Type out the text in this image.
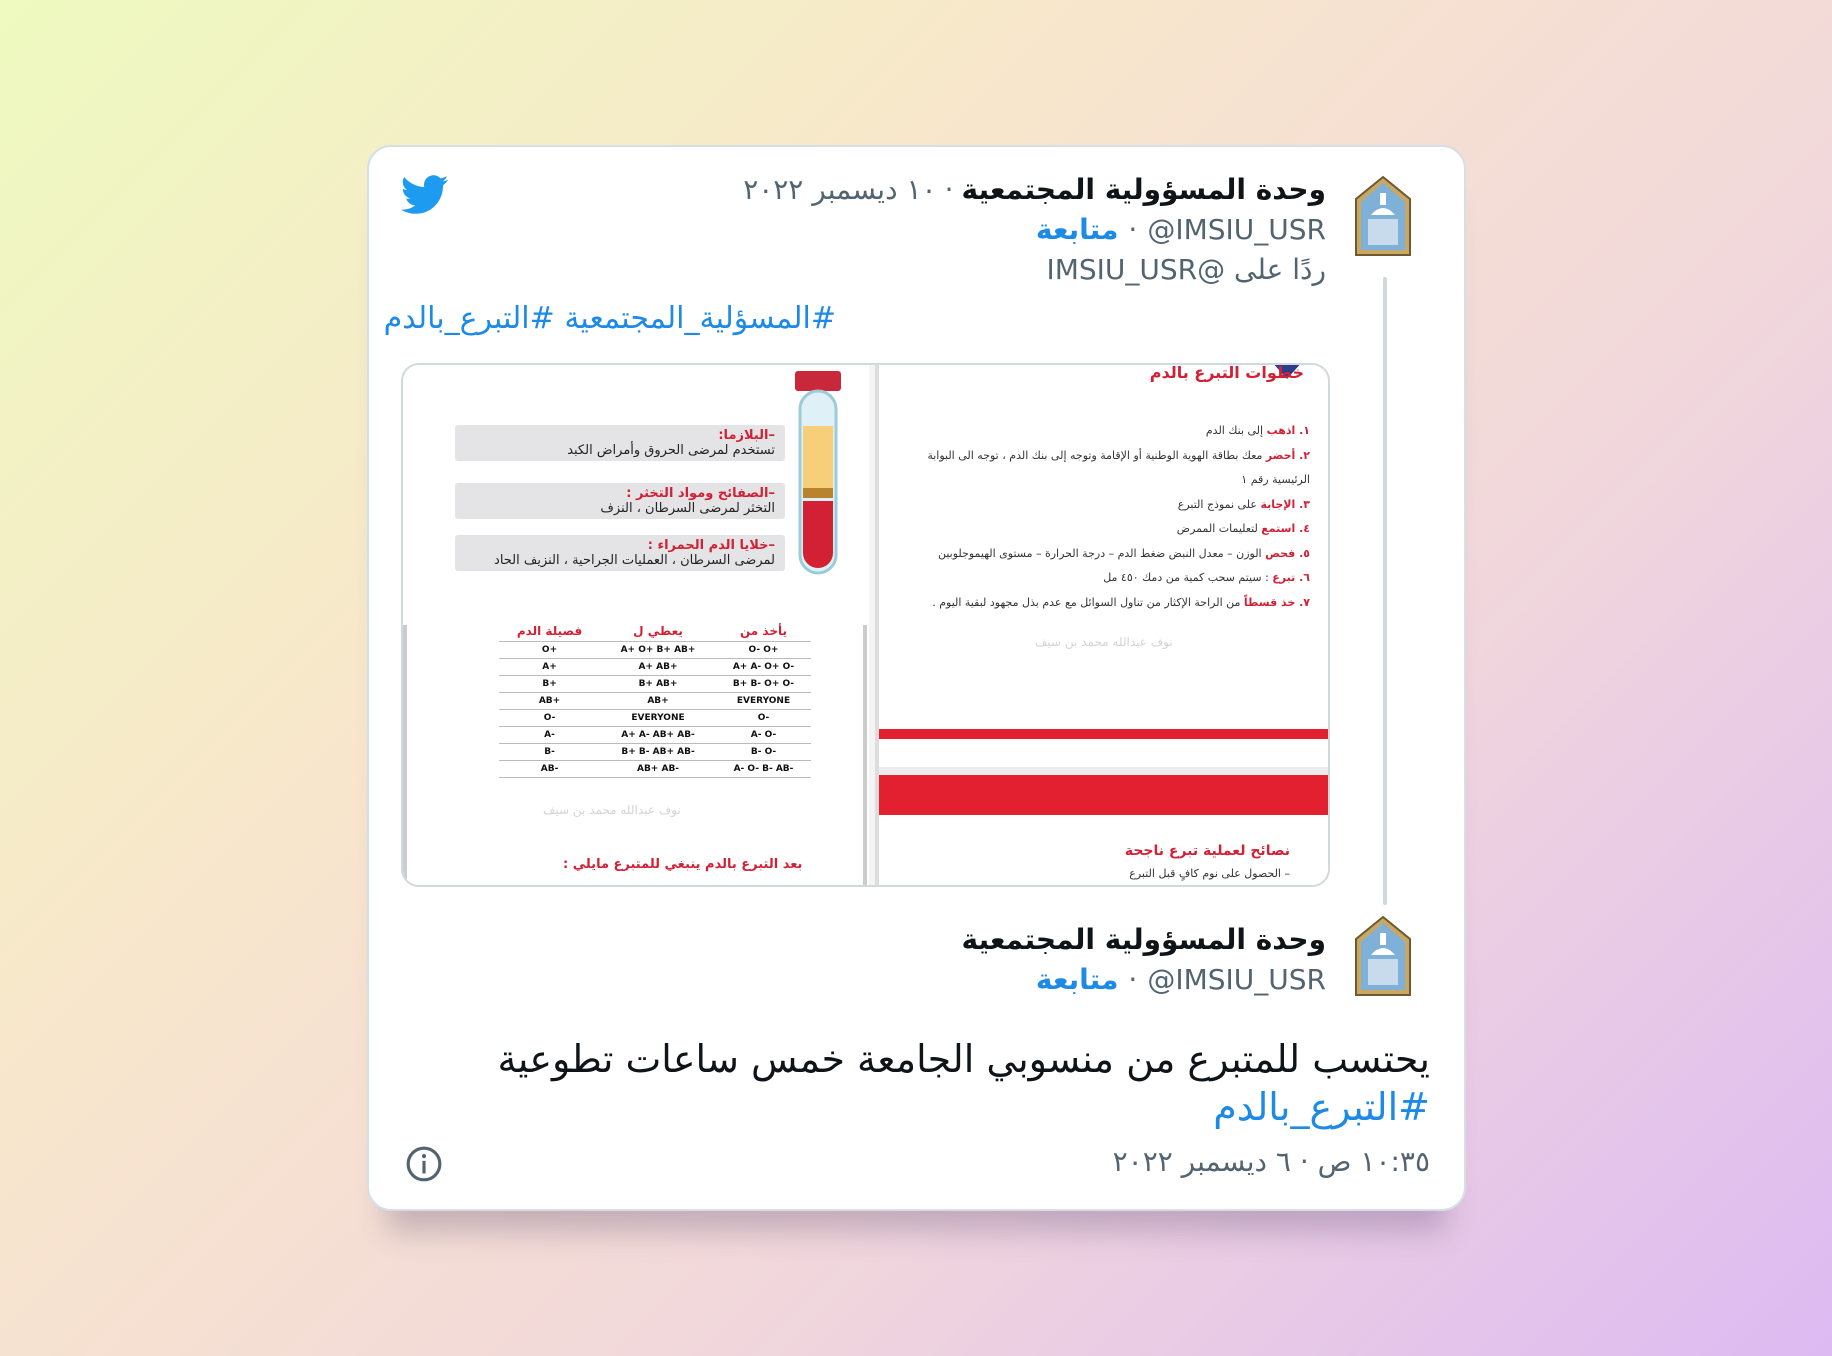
وحدة المسؤولية المجتمعية
·
١٠ ديسمبر ٢٠٢٢
@IMSIU_USR
·
متابعة
ردًا على @IMSIU_USR
#المسؤلية_المجتمعية #التبرع_بالدم
–البلازما:
تستخدم لمرضى الحروق وأمراض الكبد
–الصفائح ومواد التخثر :
التخثر لمرضى السرطان ، النزف
–خلايا الدم الحمراء :
لمرضى السرطان ، العمليات الجراحية ، النزيف الحاد
فصيلة الدم	يعطي ل	يأخذ من
O+	A+ O+ B+ AB+	O- O+
A+	A+ AB+	A+ A- O+ O-
B+	B+ AB+	B+ B- O+ O-
AB+	AB+	EVERYONE
O-	EVERYONE	O-
A-	A+ A- AB+ AB-	A- O-
B-	B+ B- AB+ AB-	B- O-
AB-	AB+ AB-	A- O- B- AB-
نوف عبدالله محمد بن سيف
بعد التبرع بالدم ينبغي للمتبرع مايلي :
خطوات التبرع بالدم
١. اذهب إلى بنك الدم
٢. أحضر معك بطاقة الهوية الوطنية أو الإقامة وتوجه إلى بنك الدم ، توجه الى البوابة الرئيسية رقم ١
٣. الإجابة على نموذج التبرع
٤. استمع لتعليمات الممرض
٥. فحص الوزن – معدل النبض ضغط الدم – درجة الحرارة – مستوى الهيموجلوبين
٦. تبرع : سيتم سحب كمية من دمك ٤٥٠ مل
٧. خذ قسطاً من الراحة الإكثار من تناول السوائل مع عدم بذل مجهود لبقية اليوم .
نوف عبدالله محمد بن سيف
نصائح لعملية تبرع ناجحة
– الحصول على نوم كافٍ قبل التبرع
وحدة المسؤولية المجتمعية
@IMSIU_USR
·
متابعة
يحتسب للمتبرع من منسوبي الجامعة خمس ساعات تطوعية
#التبرع_بالدم
١٠:٣٥ ص · ٦ ديسمبر ٢٠٢٢
